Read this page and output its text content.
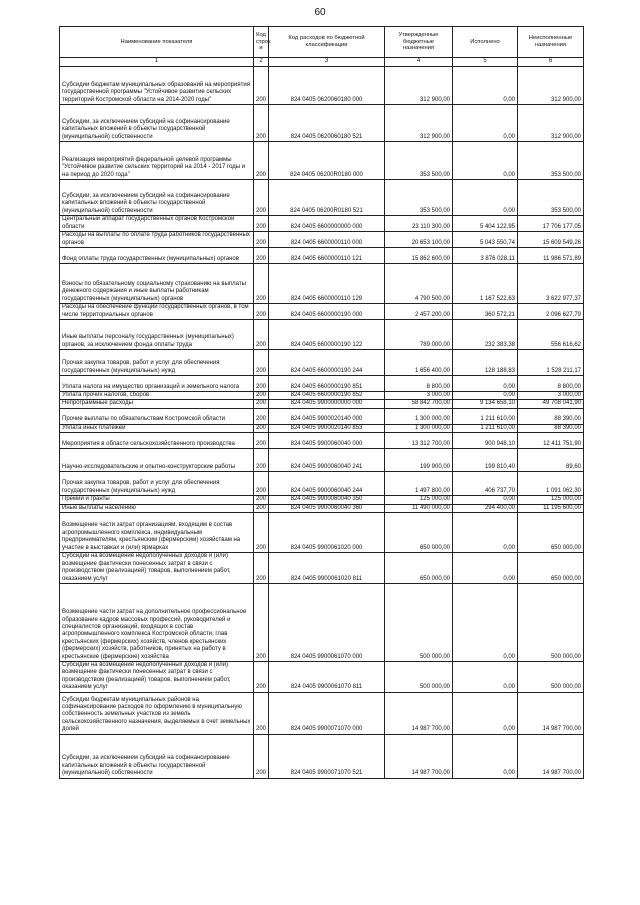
60
Наименование показателя	Код строк и	Код расходов по бюджетной классификации	Утвержденные бюджетные назначения	Исполнено	Неисполненные назначения
1	2	3	4	5	6
Субсидии бюджетам муниципальных образований на мероприятия государственной программы "Устойчивое развитие сельских территорий Костромской области на 2014-2020 годы"	200	824 0405 0620060180 000	312 900,00	0,00	312 900,00
Субсидии, за исключением субсидий на софинансирование капитальных вложений в объекты государственной (муниципальной) собственности	200	824 0405 0620060180 521	312 900,00	0,00	312 900,00
Реализация мероприятий федеральной целевой программы "Устойчивое развитие сельских территорий на 2014 - 2017 годы и на период до 2020 года"	200	824 0405 06200R0180 000	353 500,00	0,00	353 500,00
Субсидии, за исключением субсидий на софинансирование капитальных вложений в объекты государственной (муниципальной) собственности	200	824 0405 06200R0180 521	353 500,00	0,00	353 500,00
Центральный аппарат государственных органов Костромской области	200	824 0405 6600000000 000	23 110 300,00	5 404 122,95	17 706 177,05
Расходы на выплаты по оплате труда работников государственных органов	200	824 0405 6600000110 000	20 653 100,00	5 043 550,74	15 609 549,26
Фонд оплаты труда государственных (муниципальных) органов	200	824 0405 6600000110 121	15 862 600,00	3 876 028,11	11 986 571,89
Взносы по обязательному социальному страхованию на выплаты денежного содержания и иные выплаты работникам государственных (муниципальных) органов	200	824 0405 6600000110 129	4 790 500,00	1 167 522,63	3 622 977,37
Расходы на обеспечение функций государственных органов, в том числе территориальных органов	200	824 0405 6600000190 000	2 457 200,00	360 572,21	2 096 627,79
Иные выплаты персоналу государственных (муниципальных) органов, за исключением фонда оплаты труда	200	824 0405 6600000190 122	789 000,00	232 383,38	556 616,62
Прочая закупка товаров, работ и услуг для обеспечения государственных (муниципальных) нужд	200	824 0405 6600000190 244	1 656 400,00	128 188,83	1 528 211,17
Уплата налога на имущество организаций и земельного налога	200	824 0405 6600000190 851	8 800,00	0,00	8 800,00
Уплата прочих налогов, сборов	200	824 0405 6600000190 852	3 000,00	0,00	3 000,00
Непрограммные расходы	200	824 0405 9900000000 000	58 842 700,00	9 134 658,10	49 708 041,90
Прочие выплаты по обязательствам Костромской области	200	824 0405 9900020140 000	1 300 000,00	1 211 610,00	88 390,00
Уплата иных платежей	200	824 0405 9900020140 853	1 300 000,00	1 211 610,00	88 390,00
Мероприятия в области сельскохозяйственного производства	200	824 0405 9900060040 000	13 312 700,00	900 948,10	12 411 751,90
Научно-исследовательские и опытно-конструкторские работы	200	824 0405 9900060040 241	199 900,00	199 810,40	89,60
Прочая закупка товаров, работ и услуг для обеспечения государственных (муниципальных) нужд	200	824 0405 9900060040 244	1 497 800,00	406 737,70	1 091 062,30
Премии и гранты	200	824 0405 9900060040 350	125 000,00	0,00	125 000,00
Иные выплаты населению	200	824 0405 9900060040 360	11 490 000,00	294 400,00	11 195 600,00
Возмещение части затрат организациям, входящим в состав агропромышленного комплекса, индивидуальным предпринимателям, крестьянским (фермерским) хозяйствам на участие в выставках и (или) ярмарках	200	824 0405 9900061020 000	650 000,00	0,00	650 000,00
Субсидии на возмещение недополученных доходов и (или) возмещение фактически понесенных затрат в связи с производством (реализацией) товаров, выполнением работ, оказанием услуг	200	824 0405 9900061020 811	650 000,00	0,00	650 000,00
Возмещение части затрат на дополнительное профессиональное образование кадров массовых профессий, руководителей и специалистов организаций, входящих в состав агропромышленного комплекса Костромской области, глав крестьянских (фермерских) хозяйств, членов крестьянских (фермерских) хозяйств, работников, принятых на работу в крестьянские (фермерские) хозяйства	200	824 0405 9900061070 000	500 000,00	0,00	500 000,00
Субсидии на возмещение недополученных доходов и (или) возмещение фактически понесенных затрат в связи с производством (реализацией) товаров, выполнением работ, оказанием услуг	200	824 0405 9900061070 811	500 000,00	0,00	500 000,00
Субсидии бюджетам муниципальных районов на софинансирование расходов по оформлению в муниципальную собственность земельных участков из земель сельскохозяйственного назначения, выделяемых в счет земельных долей	200	824 0405 9900071070 000	14 987 700,00	0,00	14 987 700,00
Субсидии, за исключением субсидий на софинансирование капитальных вложений в объекты государственной (муниципальной) собственности	200	824 0405 9900071070 521	14 987 700,00	0,00	14 987 700,00
